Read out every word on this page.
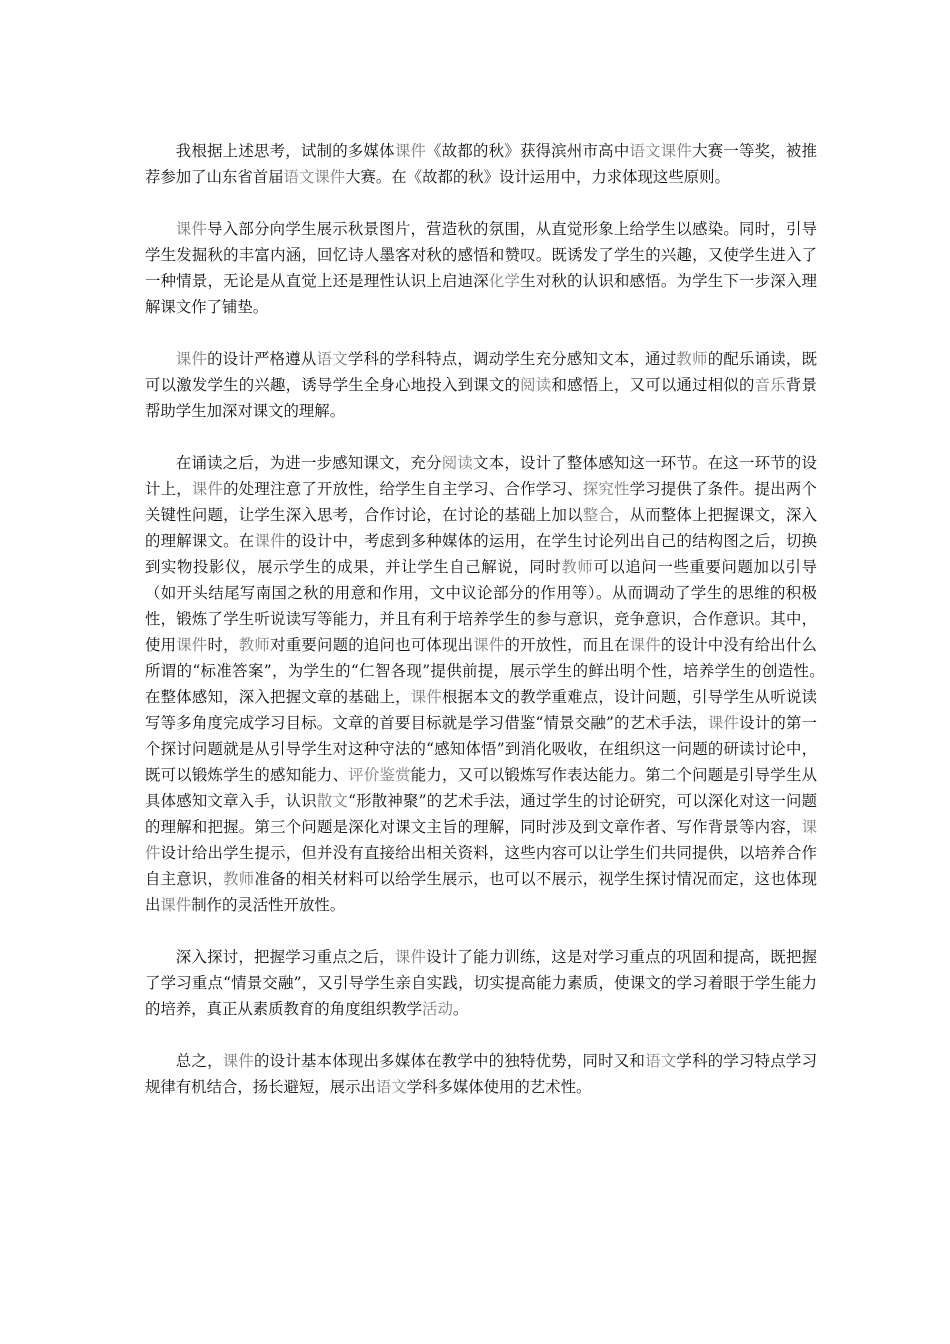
我根据上述思考，试制的多媒体课件《故都的秋》获得滨州市高中语文课件大赛一等奖，被推荐参加了山东省首届语文课件大赛。在《故都的秋》设计运用中，力求体现这些原则。

课件导入部分向学生展示秋景图片，营造秋的氛围，从直觉形象上给学生以感染。同时，引导学生发掘秋的丰富内涵，回忆诗人墨客对秋的感悟和赞叹。既诱发了学生的兴趣，又使学生进入了一种情景，无论是从直觉上还是理性认识上启迪深化学生对秋的认识和感悟。为学生下一步深入理解课文作了铺垫。

课件的设计严格遵从语文学科的学科特点，调动学生充分感知文本，通过教师的配乐诵读，既可以激发学生的兴趣，诱导学生全身心地投入到课文的阅读和感悟上，又可以通过相似的音乐背景帮助学生加深对课文的理解。

在诵读之后，为进一步感知课文，充分阅读文本，设计了整体感知这一环节。在这一环节的设计上，课件的处理注意了开放性，给学生自主学习、合作学习、探究性学习提供了条件。提出两个关键性问题，让学生深入思考，合作讨论，在讨论的基础上加以整合，从而整体上把握课文，深入的理解课文。在课件的设计中，考虑到多种媒体的运用，在学生讨论列出自己的结构图之后，切换到实物投影仪，展示学生的成果，并让学生自己解说，同时教师可以追问一些重要问题加以引导（如开头结尾写南国之秋的用意和作用，文中议论部分的作用等）。从而调动了学生的思维的积极性，锻炼了学生听说读写等能力，并且有利于培养学生的参与意识，竞争意识，合作意识。其中，使用课件时，教师对重要问题的追问也可体现出课件的开放性，而且在课件的设计中没有给出什么所谓的“标准答案”，为学生的“仁智各现”提供前提，展示学生的鲜出明个性，培养学生的创造性。　在整体感知，深入把握文章的基础上，课件根据本文的教学重难点，设计问题，引导学生从听说读写等多角度完成学习目标。文章的首要目标就是学习借鉴“情景交融”的艺术手法，课件设计的第一个探讨问题就是从引导学生对这种守法的“感知体悟”到消化吸收，在组织这一问题的研读讨论中，既可以锻炼学生的感知能力、评价鉴赏能力，又可以锻炼写作表达能力。第二个问题是引导学生从具体感知文章入手，认识散文“形散神聚”的艺术手法，通过学生的讨论研究，可以深化对这一问题的理解和把握。第三个问题是深化对课文主旨的理解，同时涉及到文章作者、写作背景等内容，课件设计给出学生提示，但并没有直接给出相关资料，这些内容可以让学生们共同提供，以培养合作自主意识，教师准备的相关材料可以给学生展示，也可以不展示，视学生探讨情况而定，这也体现出课件制作的灵活性开放性。

深入探讨，把握学习重点之后，课件设计了能力训练，这是对学习重点的巩固和提高，既把握了学习重点“情景交融”，又引导学生亲自实践，切实提高能力素质，使课文的学习着眼于学生能力的培养，真正从素质教育的角度组织教学活动。

总之，课件的设计基本体现出多媒体在教学中的独特优势，同时又和语文学科的学习特点学习规律有机结合，扬长避短，展示出语文学科多媒体使用的艺术性。
